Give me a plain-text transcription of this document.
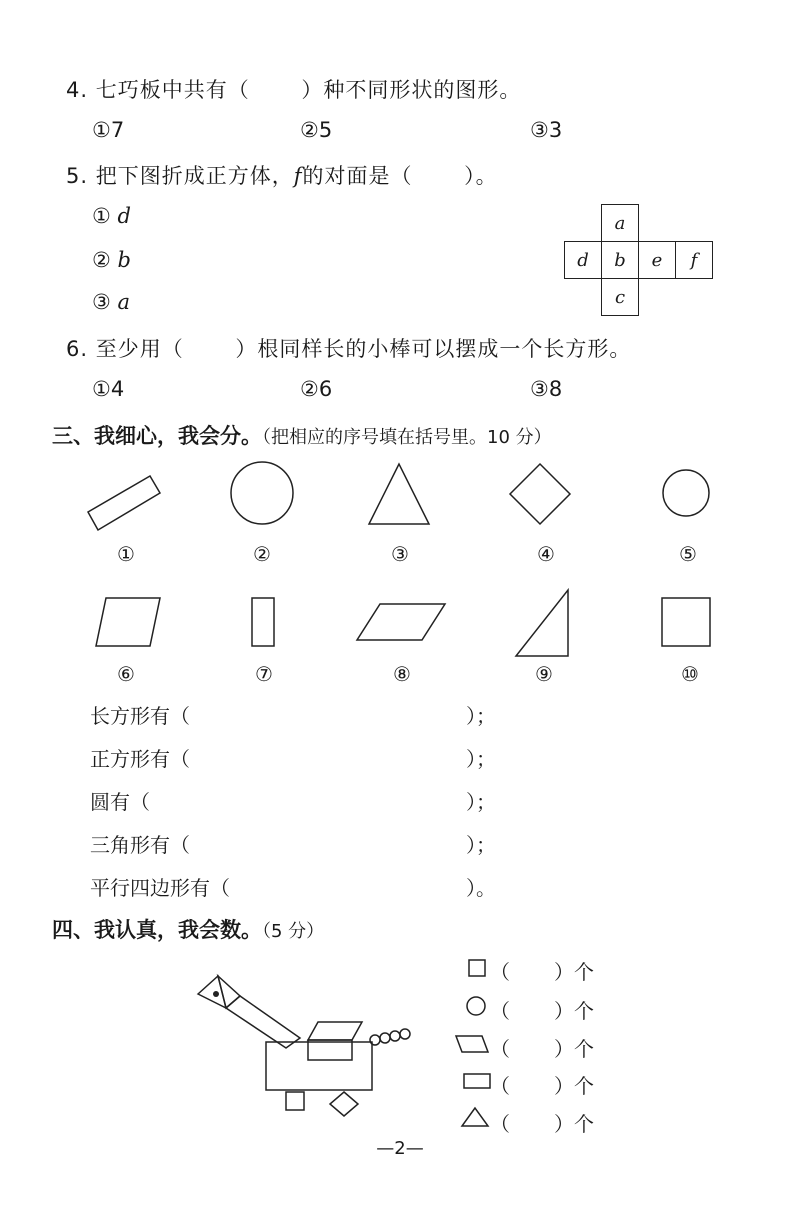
4. 七巧板中共有（　　 ）种不同形状的图形。
①7	②5	③3
5. 把下图折成正方体，f的对面是（　　 ）。
① d
② b
③ a
	a		
d	b	e	f
	c		
6. 至少用（　　 ）根同样长的小棒可以摆成一个长方形。
①4	②6	③8
三、我细心，我会分。（把相应的序号填在括号里。10 分）
①	②	③	④	⑤
⑥	⑦	⑧	⑨	⑩
长方形有（	）；
正方形有（	）；
圆有（	）；
三角形有（	）；
平行四边形有（	）。
四、我认真，我会数。（5 分）
（ ）个
（ ）个
（ ）个
（ ）个
（ ）个
—2—
